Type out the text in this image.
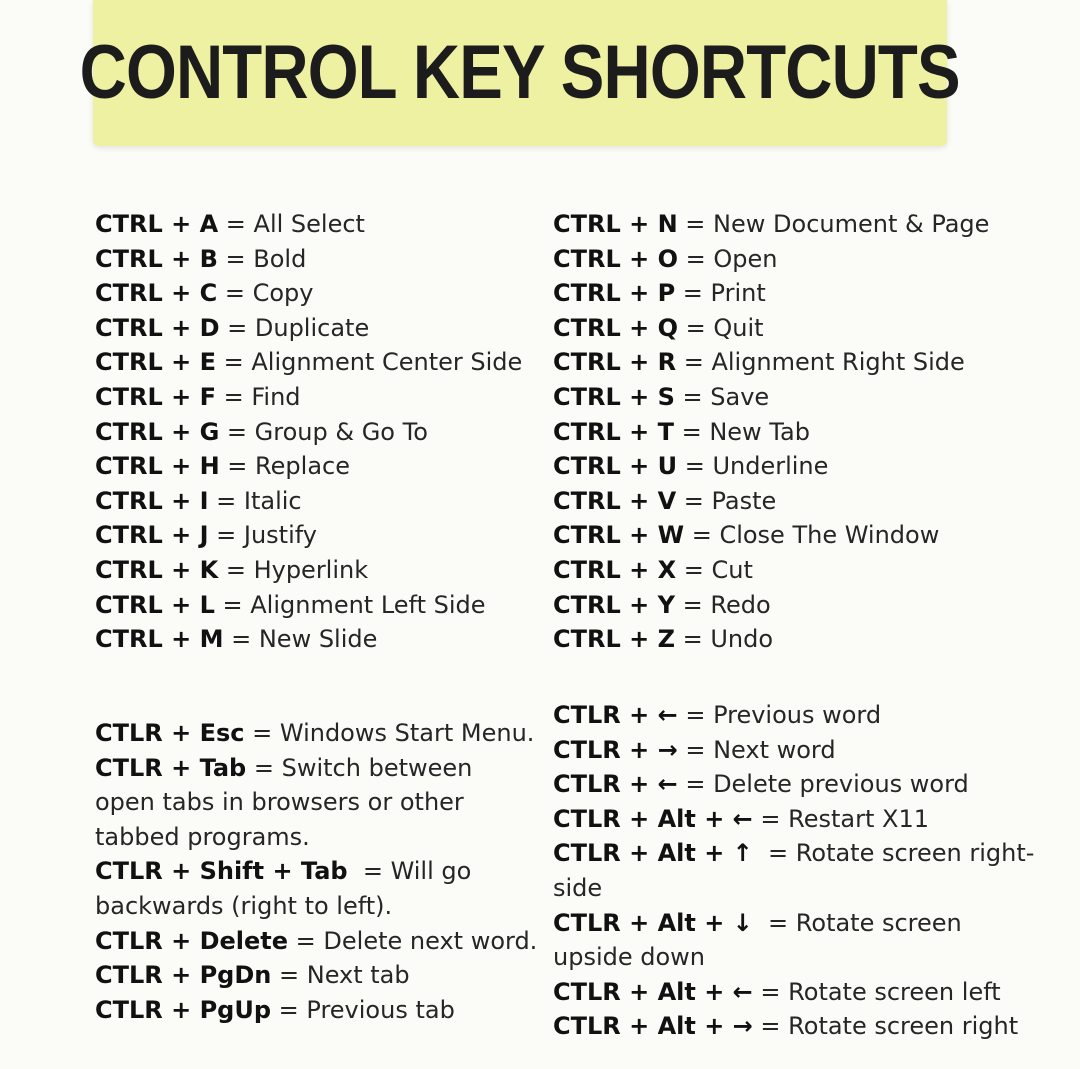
CONTROL KEY SHORTCUTS
CTRL + A = All Select
CTRL + B = Bold
CTRL + C = Copy
CTRL + D = Duplicate
CTRL + E = Alignment Center Side
CTRL + F = Find
CTRL + G = Group & Go To
CTRL + H = Replace
CTRL + I = Italic
CTRL + J = Justify
CTRL + K = Hyperlink
CTRL + L = Alignment Left Side
CTRL + M = New Slide
CTRL + N = New Document & Page
CTRL + O = Open
CTRL + P = Print
CTRL + Q = Quit
CTRL + R = Alignment Right Side
CTRL + S = Save
CTRL + T = New Tab
CTRL + U = Underline
CTRL + V = Paste
CTRL + W = Close The Window
CTRL + X = Cut
CTRL + Y = Redo
CTRL + Z = Undo
CTLR + Esc = Windows Start Menu.
CTLR + Tab = Switch between
open tabs in browsers or other
tabbed programs.
CTLR + Shift + Tab  = Will go
backwards (right to left).
CTLR + Delete = Delete next word.
CTLR + PgDn = Next tab
CTLR + PgUp = Previous tab
CTLR + ← = Previous word
CTLR + → = Next word
CTLR + ← = Delete previous word
CTLR + Alt + ← = Restart X11
CTLR + Alt + ↑  = Rotate screen right-
side
CTLR + Alt + ↓  = Rotate screen
upside down
CTLR + Alt + ← = Rotate screen left
CTLR + Alt + → = Rotate screen right
